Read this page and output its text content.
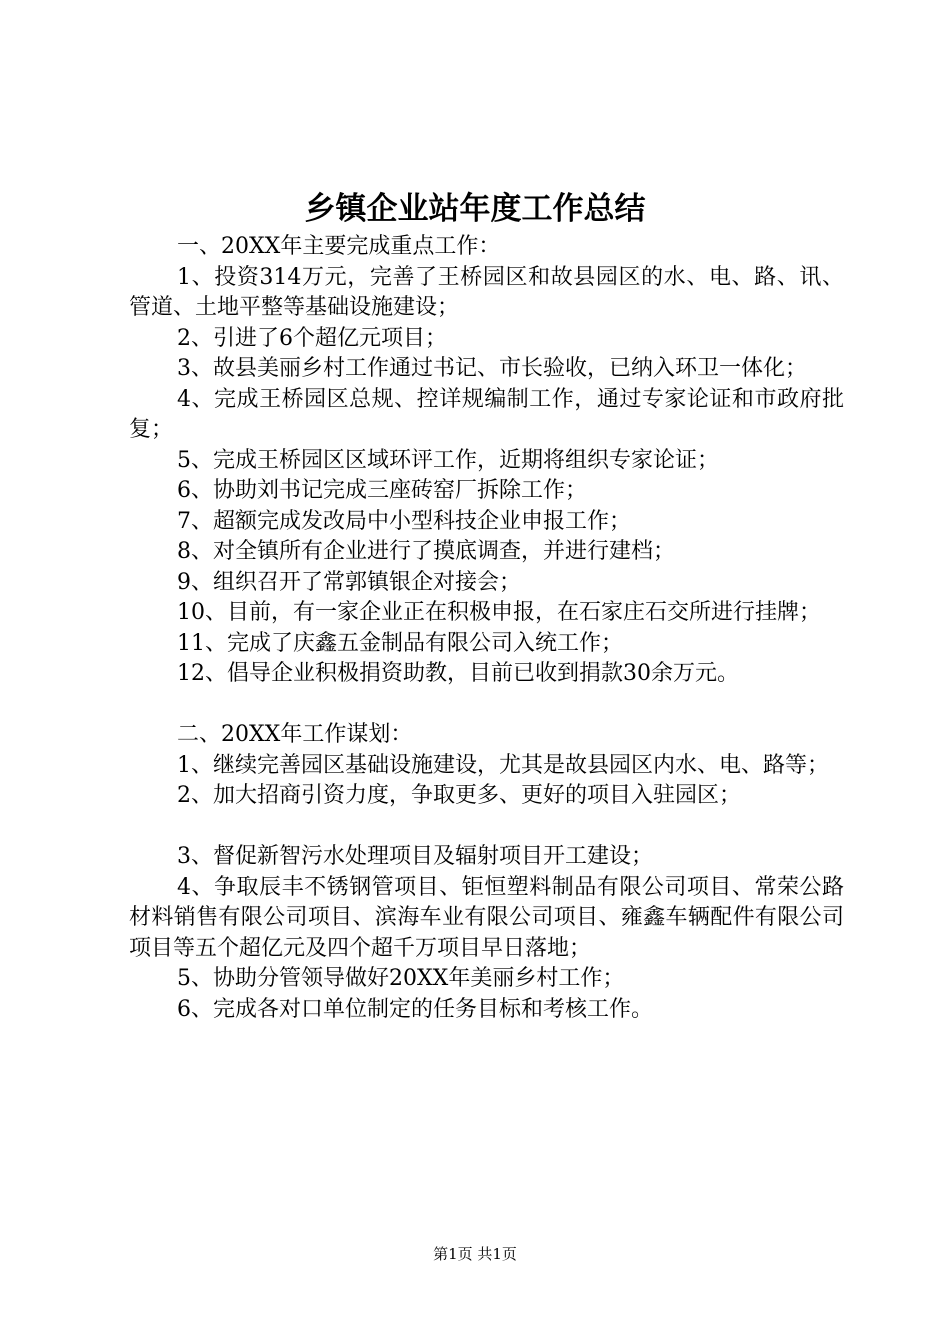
乡镇企业站年度工作总结

一、20XX年主要完成重点工作：

1、投资314万元，完善了王桥园区和故县园区的水、电、路、讯、管道、土地平整等基础设施建设；

2、引进了6个超亿元项目；

3、故县美丽乡村工作通过书记、市长验收，已纳入环卫一体化；

4、完成王桥园区总规、控详规编制工作，通过专家论证和市政府批复；

5、完成王桥园区区域环评工作，近期将组织专家论证；

6、协助刘书记完成三座砖窑厂拆除工作；

7、超额完成发改局中小型科技企业申报工作；

8、对全镇所有企业进行了摸底调查，并进行建档；

9、组织召开了常郭镇银企对接会；

10、目前，有一家企业正在积极申报，在石家庄石交所进行挂牌；

11、完成了庆鑫五金制品有限公司入统工作；

12、倡导企业积极捐资助教，目前已收到捐款30余万元。

二、20XX年工作谋划：

1、继续完善园区基础设施建设，尤其是故县园区内水、电、路等；

2、加大招商引资力度，争取更多、更好的项目入驻园区；

3、督促新智污水处理项目及辐射项目开工建设；

4、争取辰丰不锈钢管项目、钜恒塑料制品有限公司项目、常荣公路材料销售有限公司项目、滨海车业有限公司项目、雍鑫车辆配件有限公司项目等五个超亿元及四个超千万项目早日落地；

5、协助分管领导做好20XX年美丽乡村工作；

6、完成各对口单位制定的任务目标和考核工作。

第1页 共1页
